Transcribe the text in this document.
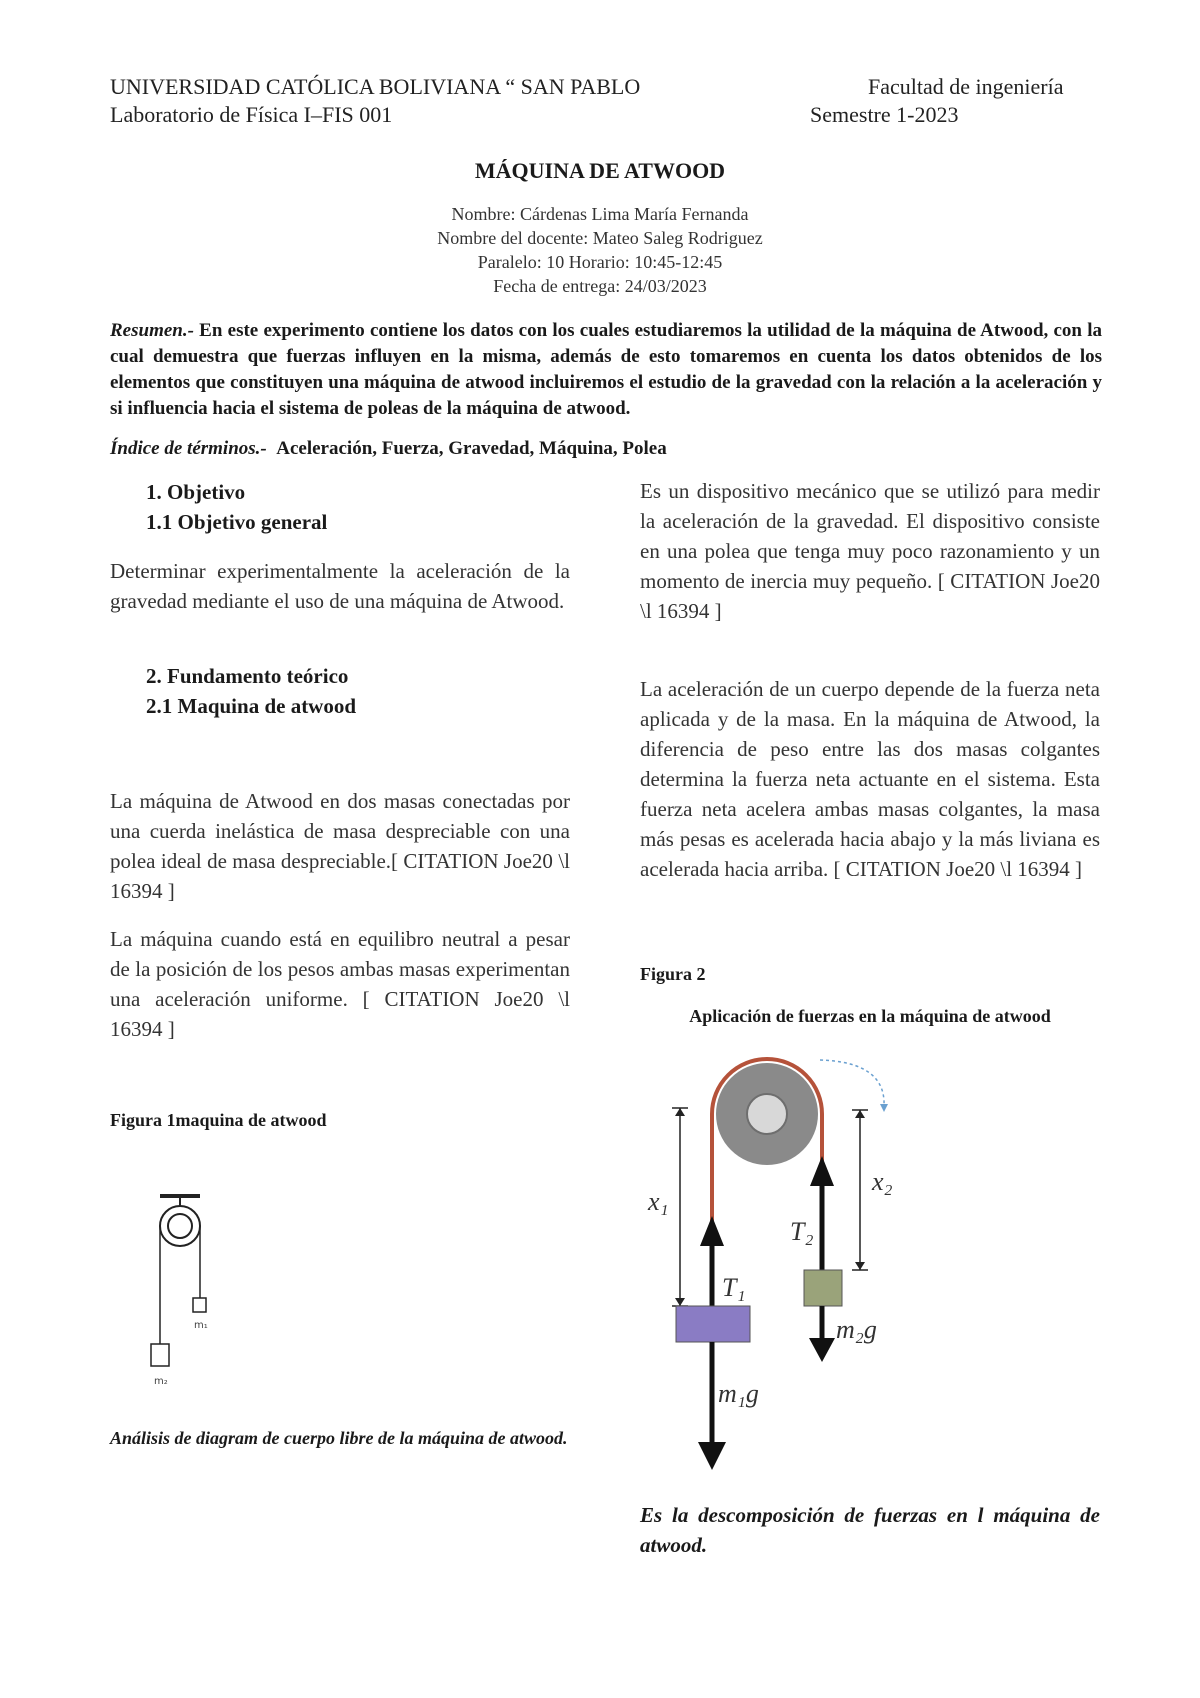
UNIVERSIDAD CATÓLICA BOLIVIANA “ SAN PABLO	Facultad de ingeniería
Laboratorio de Física I–FIS 001	Semestre 1-2023
MÁQUINA DE ATWOOD
Nombre: Cárdenas Lima María Fernanda
Nombre del docente: Mateo Saleg Rodriguez
Paralelo: 10 Horario: 10:45-12:45
Fecha de entrega: 24/03/2023
Resumen.- En este experimento contiene los datos con los cuales estudiaremos la utilidad de la máquina de Atwood, con la cual demuestra que fuerzas influyen en la misma, además de esto tomaremos en cuenta los datos obtenidos de los elementos que constituyen una máquina de atwood incluiremos el estudio de la gravedad con la relación a la aceleración y si influencia hacia el sistema de poleas de la máquina de atwood.
Índice de términos.- Aceleración, Fuerza, Gravedad, Máquina, Polea
1. Objetivo
1.1 Objetivo general
Determinar experimentalmente la aceleración de la gravedad mediante el uso de una máquina de Atwood.
2. Fundamento teórico
2.1 Maquina de atwood
La máquina de Atwood en dos masas conectadas por una cuerda inelástica de masa despreciable con una polea ideal de masa despreciable.[ CITATION Joe20 \l 16394 ]
La máquina cuando está en equilibro neutral a pesar de la posición de los pesos ambas masas experimentan una aceleración uniforme. [ CITATION Joe20 \l 16394 ]
Figura 1maquina de atwood
m₁
m₂
Análisis de diagram de cuerpo libre de la máquina de atwood.
Es un dispositivo mecánico que se utilizó para medir la aceleración de la gravedad. El dispositivo consiste en una polea que tenga muy poco razonamiento y un momento de inercia muy pequeño. [ CITATION Joe20 \l 16394 ]
La aceleración de un cuerpo depende de la fuerza neta aplicada y de la masa. En la máquina de Atwood, la diferencia de peso entre las dos masas colgantes determina la fuerza neta actuante en el sistema. Esta fuerza neta acelera ambas masas colgantes, la masa más pesas es acelerada hacia abajo y la más liviana es acelerada hacia arriba. [ CITATION Joe20 \l 16394 ]
Figura 2
Aplicación de fuerzas en la máquina de atwood
x₁
x₂
T₁
T₂
m₁g
m₂g
Es la descomposición de fuerzas en l máquina de atwood.
